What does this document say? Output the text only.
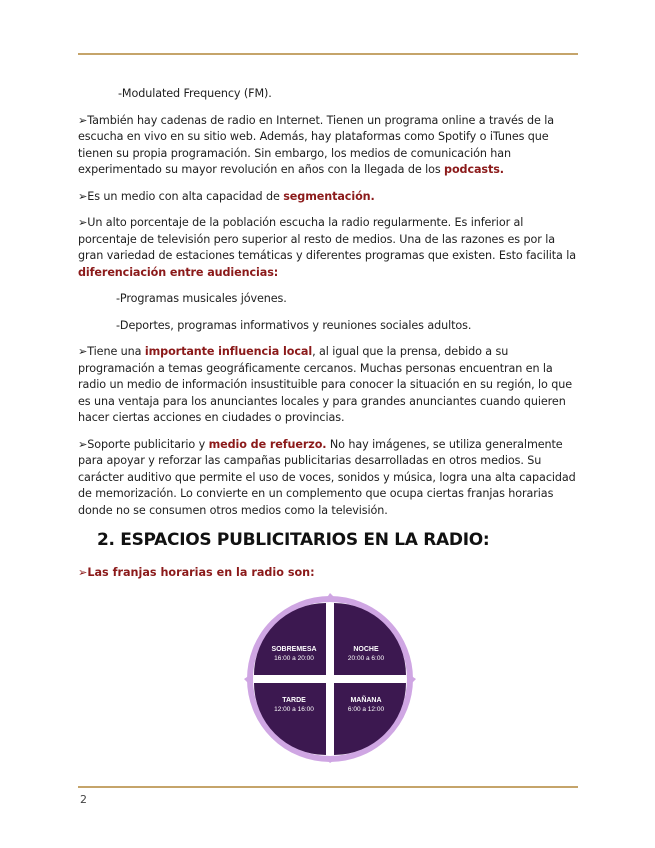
-Modulated Frequency (FM).

➢También hay cadenas de radio en Internet. Tienen un programa online a través de la escucha en vivo en su sitio web. Además, hay plataformas como Spotify o iTunes que tienen su propia programación. Sin embargo, los medios de comunicación han experimentado su mayor revolución en años con la llegada de los podcasts.

➢Es un medio con alta capacidad de segmentación.

➢Un alto porcentaje de la población escucha la radio regularmente. Es inferior al porcentaje de televisión pero superior al resto de medios. Una de las razones es por la gran variedad de estaciones temáticas y diferentes programas que existen. Esto facilita la diferenciación entre audiencias:

-Programas musicales jóvenes.

-Deportes, programas informativos y reuniones sociales adultos.

➢Tiene una importante influencia local, al igual que la prensa, debido a su programación a temas geográficamente cercanos. Muchas personas encuentran en la radio un medio de información insustituible para conocer la situación en su región, lo que es una ventaja para los anunciantes locales y para grandes anunciantes cuando quieren hacer ciertas acciones en ciudades o provincias.

➢Soporte publicitario y medio de refuerzo. No hay imágenes, se utiliza generalmente para apoyar y reforzar las campañas publicitarias desarrolladas en otros medios. Su carácter auditivo que permite el uso de voces, sonidos y música, logra una alta capacidad de memorización. Lo convierte en un complemento que ocupa ciertas franjas horarias donde no se consumen otros medios como la televisión.

2. ESPACIOS PUBLICITARIOS EN LA RADIO:
➢Las franjas horarias en la radio son:
SOBREMESA
16:00 a 20:00
NOCHE
20:00 a 6:00
TARDE
12:00 a 16:00
MAÑANA
6:00 a 12:00
2
